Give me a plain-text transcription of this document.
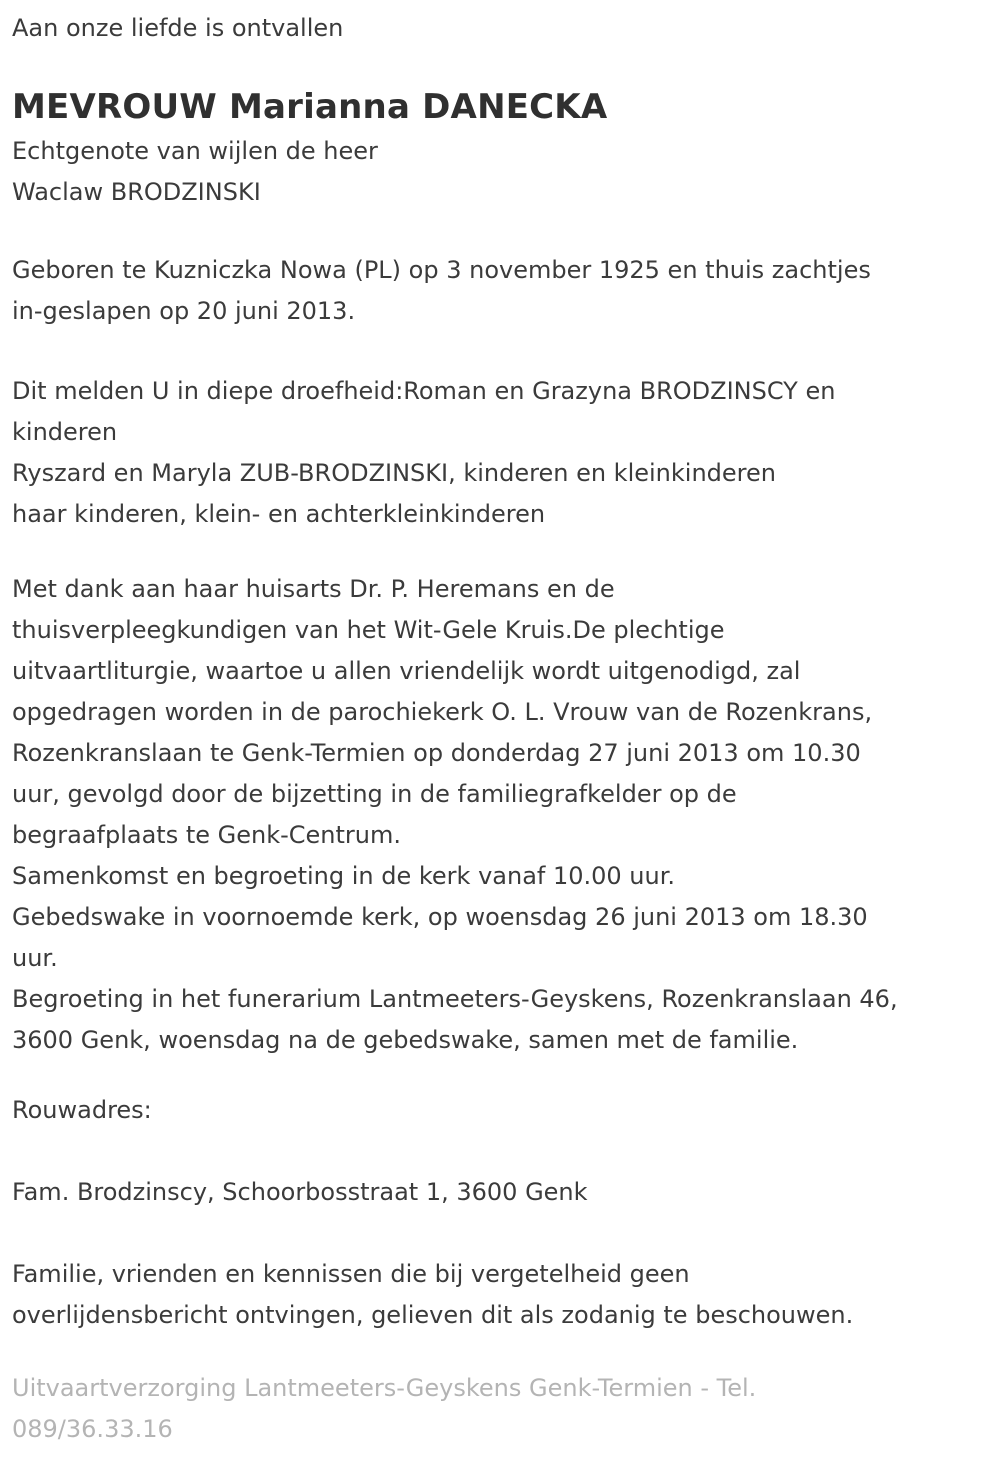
Aan onze liefde is ontvallen
MEVROUW Marianna DANECKA
Echtgenote van wijlen de heer
Waclaw BRODZINSKI
Geboren te Kuzniczka Nowa (PL) op 3 november 1925 en thuis zachtjes
in-geslapen op 20 juni 2013.
Dit melden U in diepe droefheid:Roman en Grazyna BRODZINSCY en
kinderen
Ryszard en Maryla ZUB-BRODZINSKI, kinderen en kleinkinderen
haar kinderen, klein- en achterkleinkinderen
Met dank aan haar huisarts Dr. P. Heremans en de
thuisverpleegkundigen van het Wit-Gele Kruis.De plechtige
uitvaartliturgie, waartoe u allen vriendelijk wordt uitgenodigd, zal
opgedragen worden in de parochiekerk O. L. Vrouw van de Rozenkrans,
Rozenkranslaan te Genk-Termien op donderdag 27 juni 2013 om 10.30
uur, gevolgd door de bijzetting in de familiegrafkelder op de
begraafplaats te Genk-Centrum.
Samenkomst en begroeting in de kerk vanaf 10.00 uur.
Gebedswake in voornoemde kerk, op woensdag 26 juni 2013 om 18.30
uur.
Begroeting in het funerarium Lantmeeters-Geyskens, Rozenkranslaan 46,
3600 Genk, woensdag na de gebedswake, samen met de familie.
Rouwadres:
Fam. Brodzinscy, Schoorbosstraat 1, 3600 Genk
Familie, vrienden en kennissen die bij vergetelheid geen
overlijdensbericht ontvingen, gelieven dit als zodanig te beschouwen.
Uitvaartverzorging Lantmeeters-Geyskens Genk-Termien - Tel.
089/36.33.16
